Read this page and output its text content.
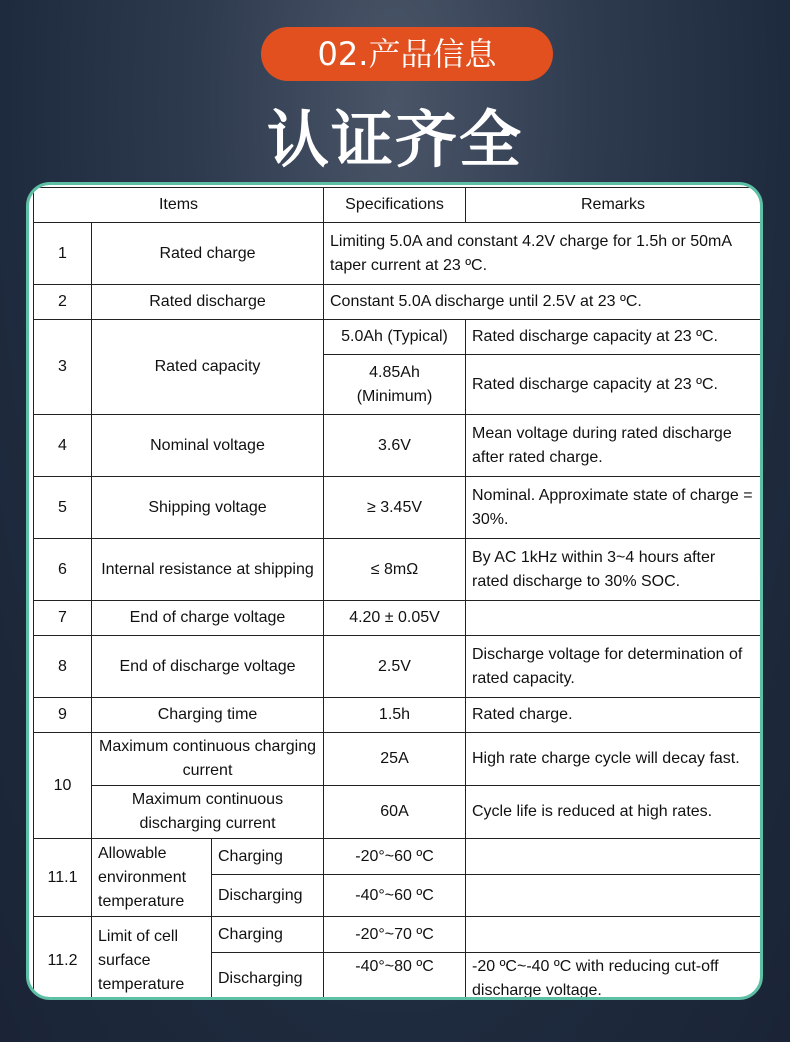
02.产品信息
认证齐全
Items			Specifications	Remarks
1	Rated charge		Limiting 5.0A and constant 4.2V charge for 1.5h or 50mA taper current at 23 ºC.	
2	Rated discharge		Constant 5.0A discharge until 2.5V at 23 ºC.	
3	Rated capacity		5.0Ah (Typical)	Rated discharge capacity at 23 ºC.
			4.85Ah (Minimum)	Rated discharge capacity at 23 ºC.
4	Nominal voltage		3.6V	Mean voltage during rated discharge after rated charge.
5	Shipping voltage		≥ 3.45V	Nominal. Approximate state of charge = 30%.
6	Internal resistance at shipping		≤ 8mΩ	By AC 1kHz within 3~4 hours after rated discharge to 30% SOC.
7	End of charge voltage		4.20 ± 0.05V	
8	End of discharge voltage		2.5V	Discharge voltage for determination of rated capacity.
9	Charging time		1.5h	Rated charge.
10	Maximum continuous charging current		25A	High rate charge cycle will decay fast.
	Maximum continuous discharging current		60A	Cycle life is reduced at high rates.
11.1	Allowable environment temperature	Charging	-20°~60 ºC	
		Discharging	-40°~60 ºC	
11.2	Limit of cell surface temperature	Charging	-20°~70 ºC	
		Discharging	-40°~80 ºC	-20 ºC~-40 ºC with reducing cut-off discharge voltage.
